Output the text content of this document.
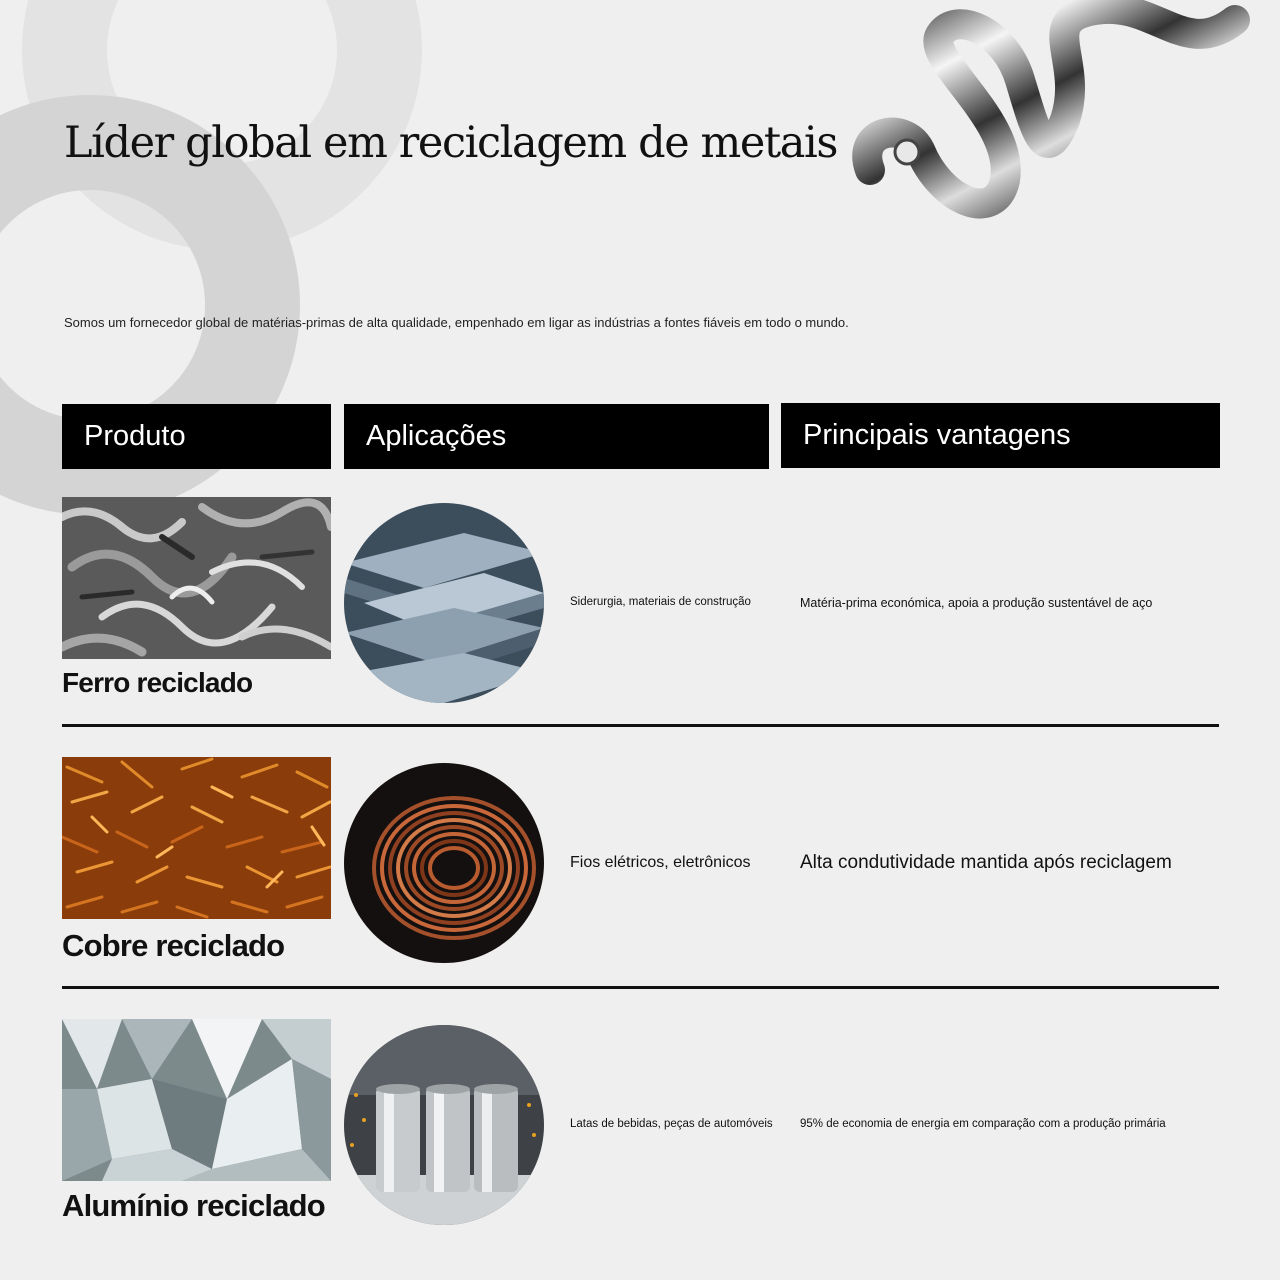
Líder global em reciclagem de metais

Somos um fornecedor global de matérias-primas de alta qualidade, empenhado em ligar as indústrias a fontes fiáveis em todo o mundo.

Produto	Aplicações	Principais vantagens

Ferro reciclado

Siderurgia, materiais de construção	Matéria-prima económica, apoia a produção sustentável de aço

Cobre reciclado

Fios elétricos, eletrônicos	Alta condutividade mantida após reciclagem

Alumínio reciclado

Latas de bebidas, peças de automóveis 95% de economia de energia em comparação com a produção primária
